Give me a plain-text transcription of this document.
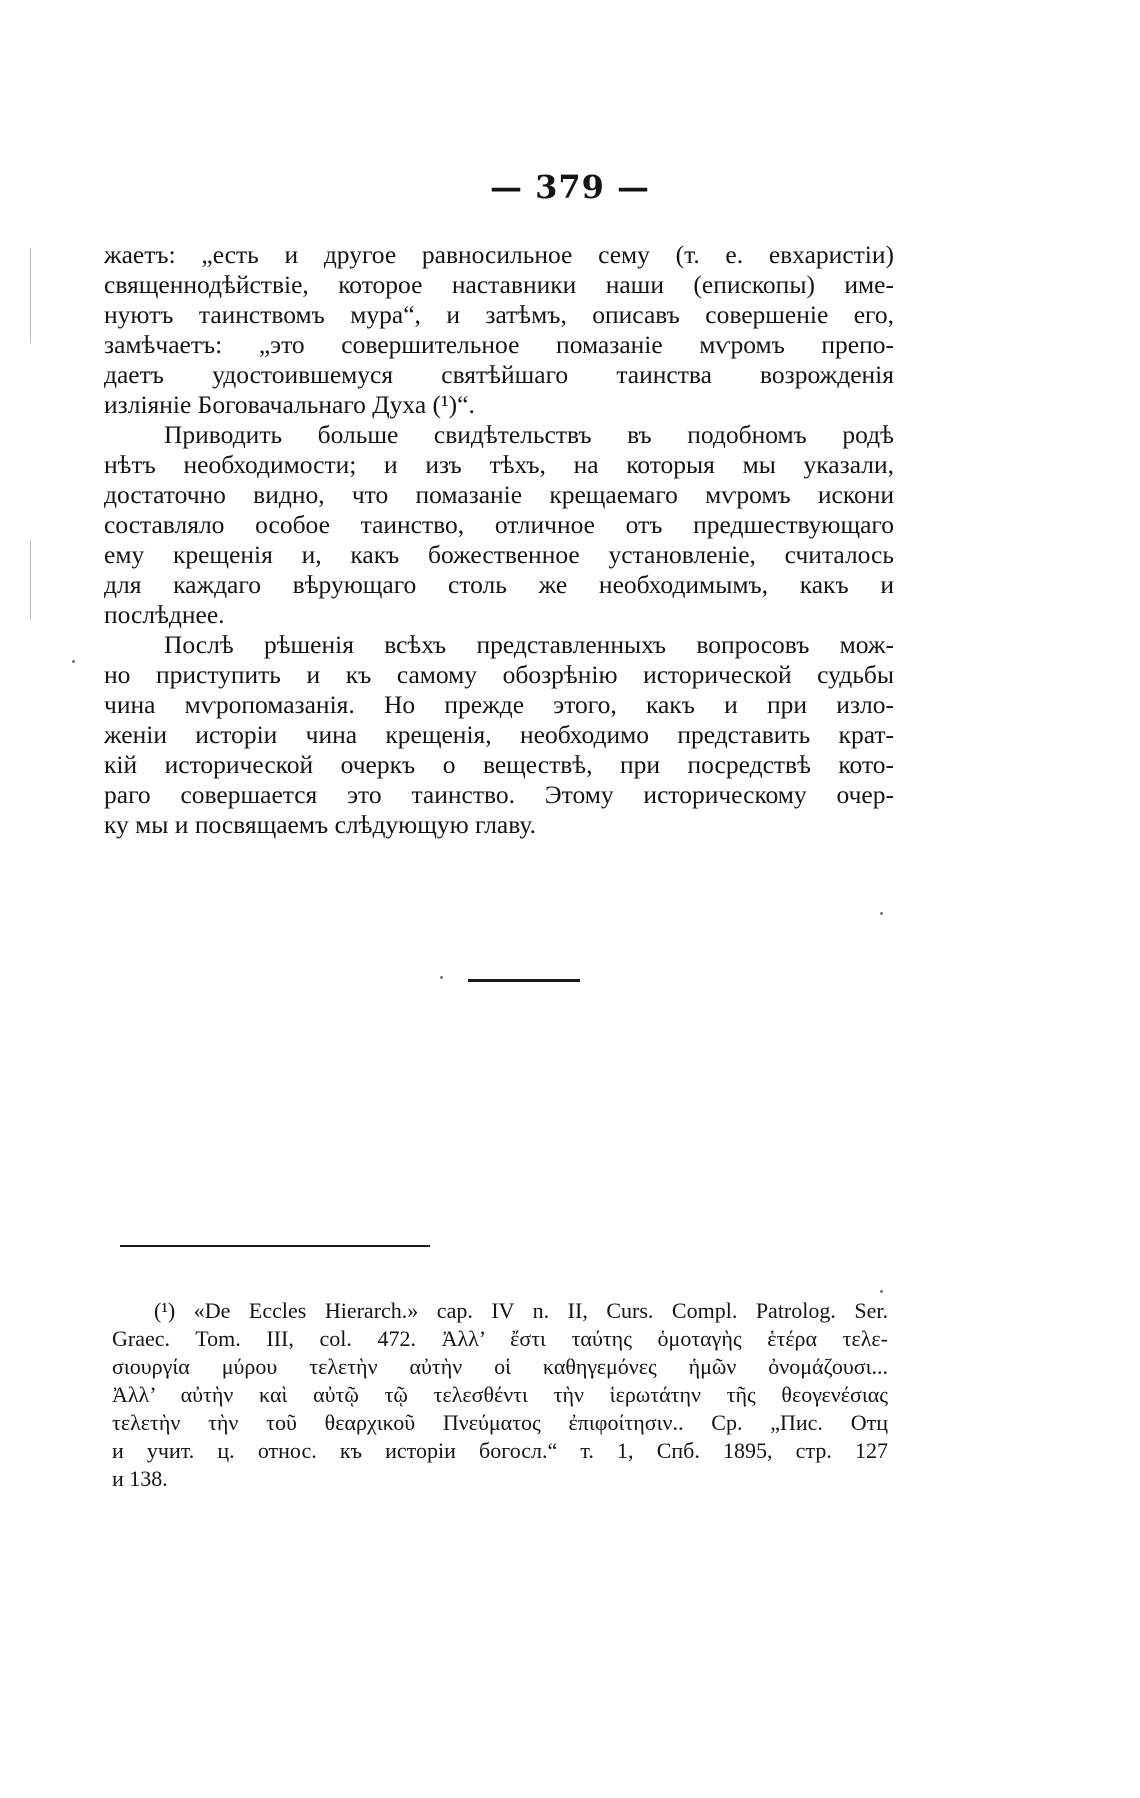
— 379 —
жаетъ: „есть и другое равносильное сему (т. е. евхаристіи)
священнодѣйствіе, которое наставники наши (епископы) име-
нуютъ таинствомъ мура“, и затѣмъ, описавъ совершеніе его,
замѣчаетъ: „это совершительное помазаніе мѵромъ препо-
даетъ удостоившемуся святѣйшаго таинства возрожденія
изліяніе Боговачальнаго Духа (¹)“.
Приводить больше свидѣтельствъ въ подобномъ родѣ
нѣтъ необходимости; и изъ тѣхъ, на которыя мы указали,
достаточно видно, что помазаніе крещаемаго мѵромъ искони
составляло особое таинство, отличное отъ предшествующаго
ему крещенія и, какъ божественное установленіе, считалось
для каждаго вѣрующаго столь же необходимымъ, какъ и
послѣднее.
Послѣ рѣшенія всѣхъ представленныхъ вопросовъ мож-
но приступить и къ самому обозрѣнію исторической судьбы
чина мѵропомазанія. Но прежде этого, какъ и при изло-
женіи исторіи чина крещенія, необходимо представить крат-
кій исторической очеркъ о веществѣ, при посредствѣ кото-
раго совершается это таинство. Этому историческому очер-
ку мы и посвящаемъ слѣдующую главу.
(¹) «De Eccles Hierarch.» cap. IV n. II, Curs. Compl. Patrolog. Ser.
Graec. Tom. III, col. 472. Ἀλλ’ ἔστι ταύτης ὁμοταγὴς ἑτέρα τελε-
σιουργία μύρου τελετὴν αὐτὴν οἱ καθηγεμόνες ἡμῶν ὀνομάζουσι...
Ἀλλ’ αὐτὴν καὶ αὐτῷ τῷ τελεσθέντι τὴν ἱερωτάτην τῆς θεογενέσιας
τελετὴν τὴν τοῦ θεαρχικοῦ Πνεύματος ἐπιφοίτησιν.. Ср. „Пис. Отц
и учит. ц. относ. къ исторіи богосл.“ т. 1, Спб. 1895, стр. 127
и 138.
